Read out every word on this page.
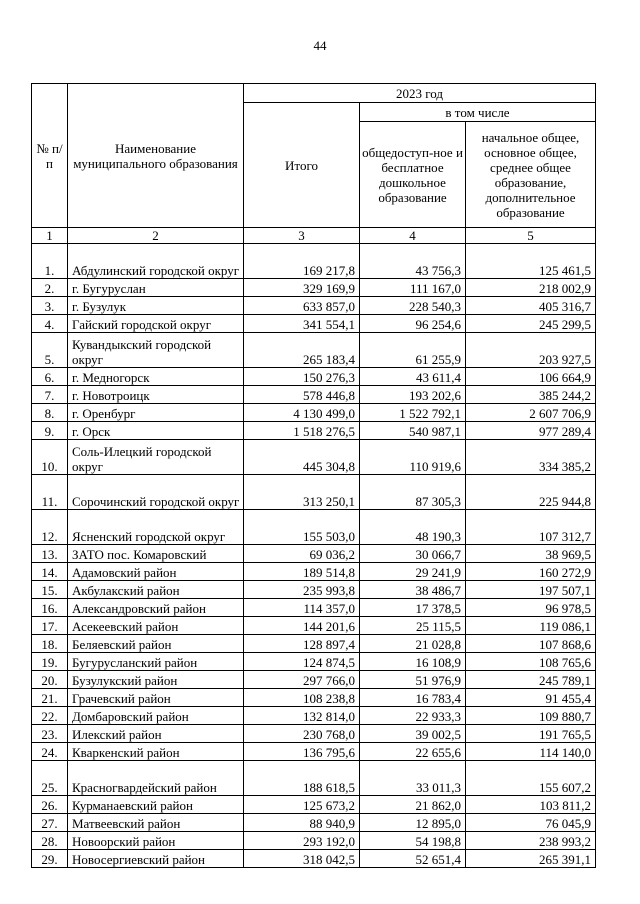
44
№ п/п	Наименование муниципального образования	2023 год		
		Итого	в том числе	
			общедоступ-ное и бесплатное дошкольное образование	начальное общее, основное общее, среднее общее образование, дополнительное образование
1	2	3	4	5
1.	Абдулинский городской округ	169 217,8	43 756,3	125 461,5
2.	г. Бугуруслан	329 169,9	111 167,0	218 002,9
3.	г. Бузулук	633 857,0	228 540,3	405 316,7
4.	Гайский городской округ	341 554,1	96 254,6	245 299,5
5.	Кувандыкский городской округ	265 183,4	61 255,9	203 927,5
6.	г. Медногорск	150 276,3	43 611,4	106 664,9
7.	г. Новотроицк	578 446,8	193 202,6	385 244,2
8.	г. Оренбург	4 130 499,0	1 522 792,1	2 607 706,9
9.	г. Орск	1 518 276,5	540 987,1	977 289,4
10.	Соль-Илецкий городской округ	445 304,8	110 919,6	334 385,2
11.	Сорочинский городской округ	313 250,1	87 305,3	225 944,8
12.	Ясненский городской округ	155 503,0	48 190,3	107 312,7
13.	ЗАТО пос. Комаровский	69 036,2	30 066,7	38 969,5
14.	Адамовский район	189 514,8	29 241,9	160 272,9
15.	Акбулакский район	235 993,8	38 486,7	197 507,1
16.	Александровский район	114 357,0	17 378,5	96 978,5
17.	Асекеевский район	144 201,6	25 115,5	119 086,1
18.	Беляевский район	128 897,4	21 028,8	107 868,6
19.	Бугурусланский район	124 874,5	16 108,9	108 765,6
20.	Бузулукский район	297 766,0	51 976,9	245 789,1
21.	Грачевский район	108 238,8	16 783,4	91 455,4
22.	Домбаровский район	132 814,0	22 933,3	109 880,7
23.	Илекский район	230 768,0	39 002,5	191 765,5
24.	Кваркенский район	136 795,6	22 655,6	114 140,0
25.	Красногвардейский район	188 618,5	33 011,3	155 607,2
26.	Курманаевский район	125 673,2	21 862,0	103 811,2
27.	Матвеевский район	88 940,9	12 895,0	76 045,9
28.	Новоорский район	293 192,0	54 198,8	238 993,2
29.	Новосергиевский район	318 042,5	52 651,4	265 391,1
